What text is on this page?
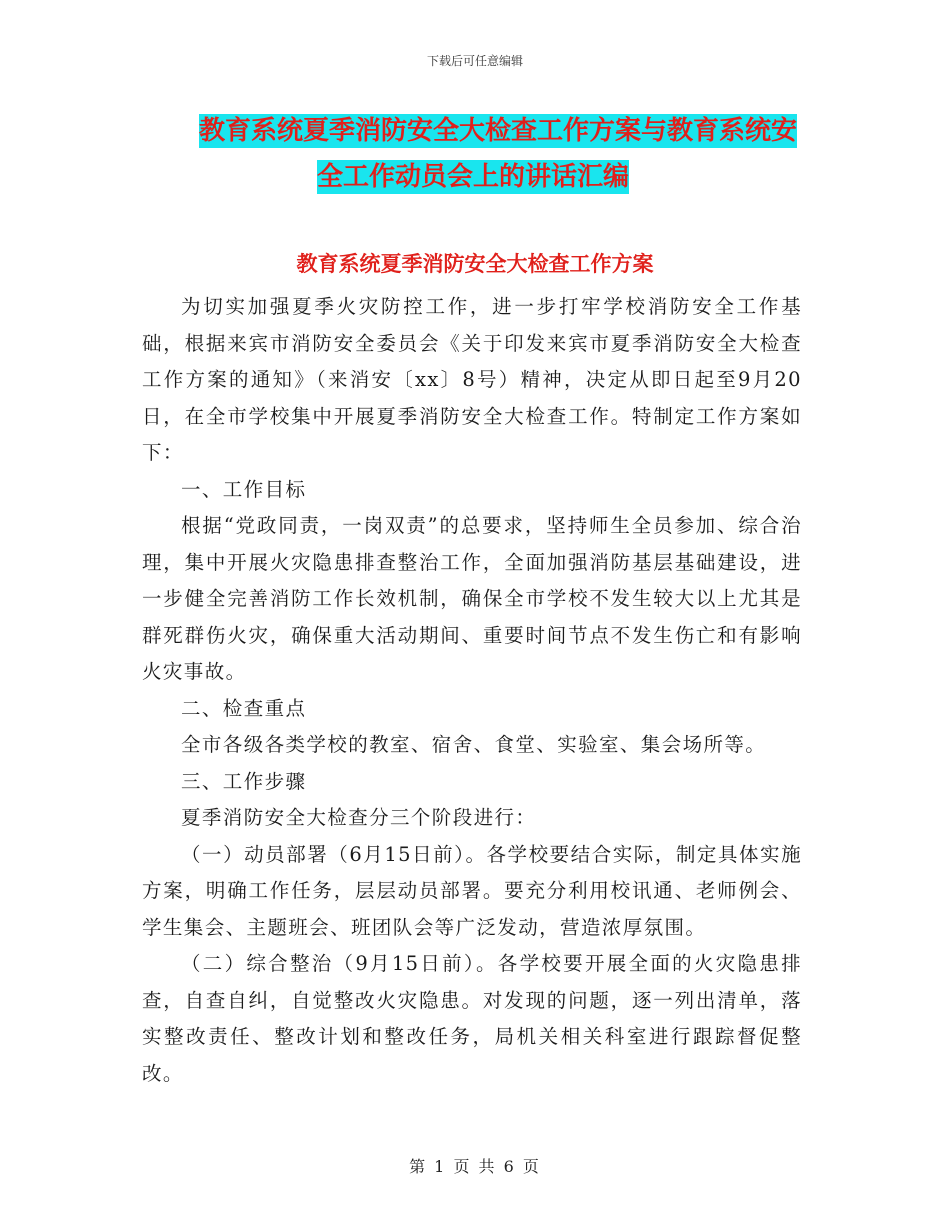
下载后可任意编辑
教育系统夏季消防安全大检查工作方案与教育系统安
全工作动员会上的讲话汇编
教育系统夏季消防安全大检查工作方案

为切实加强夏季火灾防控工作，进一步打牢学校消防安全工作基础，根据来宾市消防安全委员会《关于印发来宾市夏季消防安全大检查工作方案的通知》（来消安〔xx〕8号）精神，决定从即日起至9月20日，在全市学校集中开展夏季消防安全大检查工作。特制定工作方案如下：

一、工作目标

根据“党政同责，一岗双责”的总要求，坚持师生全员参加、综合治理，集中开展火灾隐患排查整治工作，全面加强消防基层基础建设，进一步健全完善消防工作长效机制，确保全市学校不发生较大以上尤其是群死群伤火灾，确保重大活动期间、重要时间节点不发生伤亡和有影响火灾事故。

二、检查重点

全市各级各类学校的教室、宿舍、食堂、实验室、集会场所等。

三、工作步骤

夏季消防安全大检查分三个阶段进行：

（一）动员部署（6月15日前）。各学校要结合实际，制定具体实施方案，明确工作任务，层层动员部署。要充分利用校讯通、老师例会、学生集会、主题班会、班团队会等广泛发动，营造浓厚氛围。

（二）综合整治（9月15日前）。各学校要开展全面的火灾隐患排查，自查自纠，自觉整改火灾隐患。对发现的问题，逐一列出清单，落实整改责任、整改计划和整改任务，局机关相关科室进行跟踪督促整改。

第 1 页 共 6 页
